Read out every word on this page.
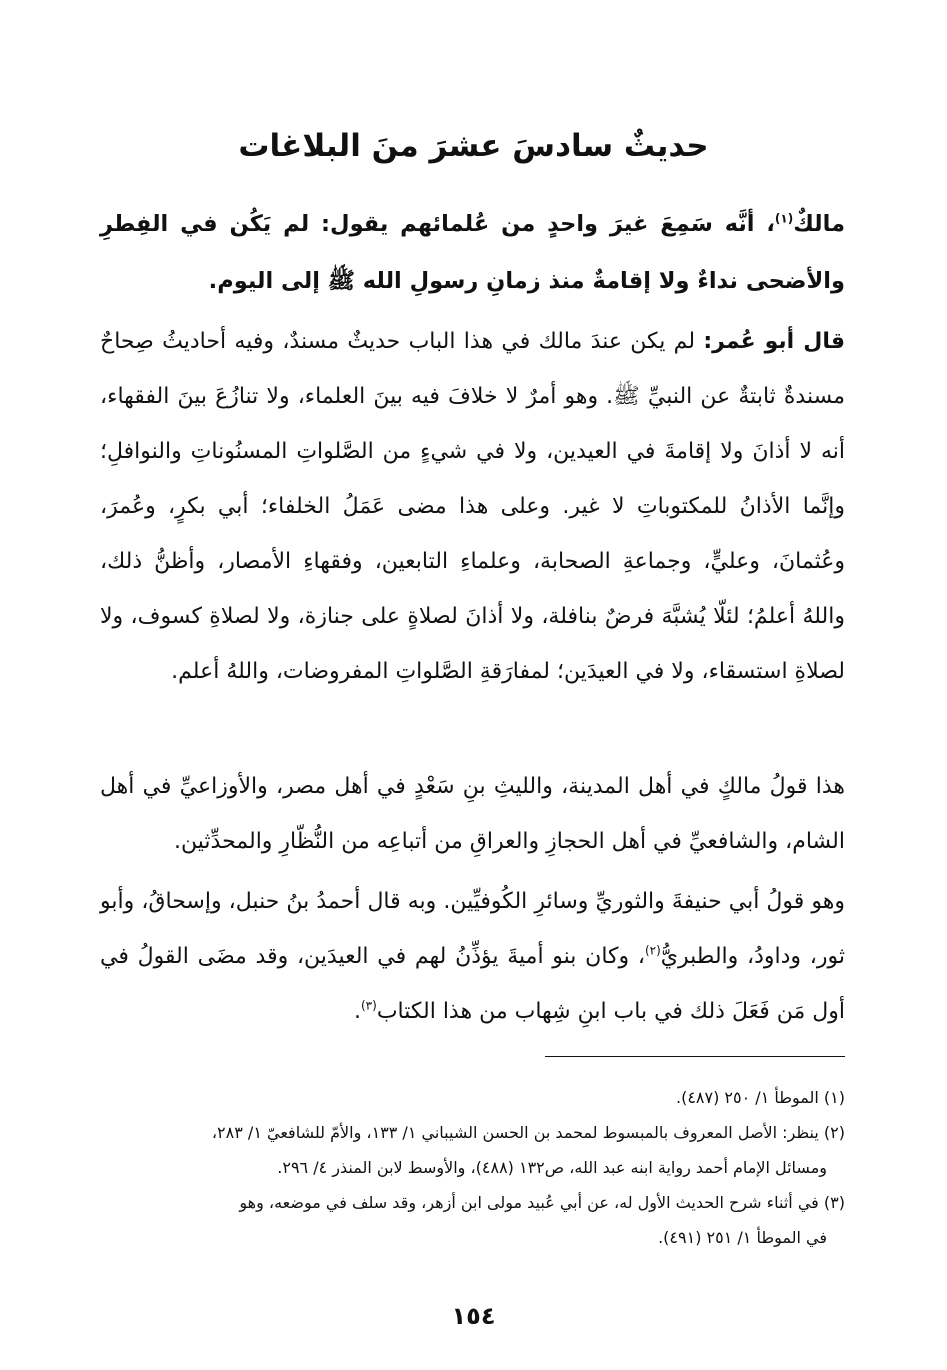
حديثٌ سادسَ عشرَ منَ البلاغات

مالكٌ$^{(١)}$، أنَّه سَمِعَ غيرَ واحدٍ من عُلمائهم يقول: لم يَكُن في الفِطرِ والأضحى نداءٌ ولا إقامةٌ منذ زمانِ رسولِ الله ﷺ إلى اليوم.

قال أبو عُمر: لم يكن عندَ مالك في هذا الباب حديثٌ مسندٌ، وفيه أحاديثُ صِحاحٌ مسندةٌ ثابتةٌ عن النبيِّ ﷺ. وهو أمرٌ لا خلافَ فيه بينَ العلماء، ولا تنازُعَ بينَ الفقهاء، أنه لا أذانَ ولا إقامةَ في العيدين، ولا في شيءٍ من الصَّلواتِ المسنُوناتِ والنوافلِ؛ وإنَّما الأذانُ للمكتوباتِ لا غير. وعلى هذا مضى عَمَلُ الخلفاء؛ أبي بكرٍ، وعُمرَ، وعُثمانَ، وعليٍّ، وجماعةِ الصحابة، وعلماءِ التابعين، وفقهاءِ الأمصار، وأظنُّ ذلك، واللهُ أعلمُ؛ لئلّا يُشبَّهَ فرضٌ بنافلة، ولا أذانَ لصلاةٍ على جنازة، ولا لصلاةِ كسوف، ولا لصلاةِ استسقاء، ولا في العيدَين؛ لمفارَقةِ الصَّلواتِ المفروضات، واللهُ أعلم.

هذا قولُ مالكٍ في أهل المدينة، والليثِ بنِ سَعْدٍ في أهل مصر، والأوزاعيِّ في أهل الشام، والشافعيِّ في أهل الحجازِ والعراقِ من أتباعِه من النُّظّارِ والمحدِّثين.

وهو قولُ أبي حنيفةَ والثوريِّ وسائرِ الكُوفيِّين. وبه قال أحمدُ بنُ حنبل، وإسحاقُ، وأبو ثور، وداودُ، والطبريُّ$^{(٢)}$، وكان بنو أميةَ يؤذِّنُ لهم في العيدَين، وقد مضَى القولُ في أول مَن فَعَلَ ذلك في باب ابنِ شِهاب من هذا الكتاب$^{(٣)}$.

(١) الموطأ ١/ ٢٥٠ (٤٨٧).
(٢) ينظر: الأصل المعروف بالمبسوط لمحمد بن الحسن الشيباني ١/ ١٣٣، والأمّ للشافعيّ ١/ ٢٨٣،
ومسائل الإمام أحمد رواية ابنه عبد الله، ص١٣٢ (٤٨٨)، والأوسط لابن المنذر ٤/ ٢٩٦.
(٣) في أثناء شرح الحديث الأول له، عن أبي عُبيد مولى ابن أزهر، وقد سلف في موضعه، وهو
في الموطأ ١/ ٢٥١ (٤٩١).
١٥٤
